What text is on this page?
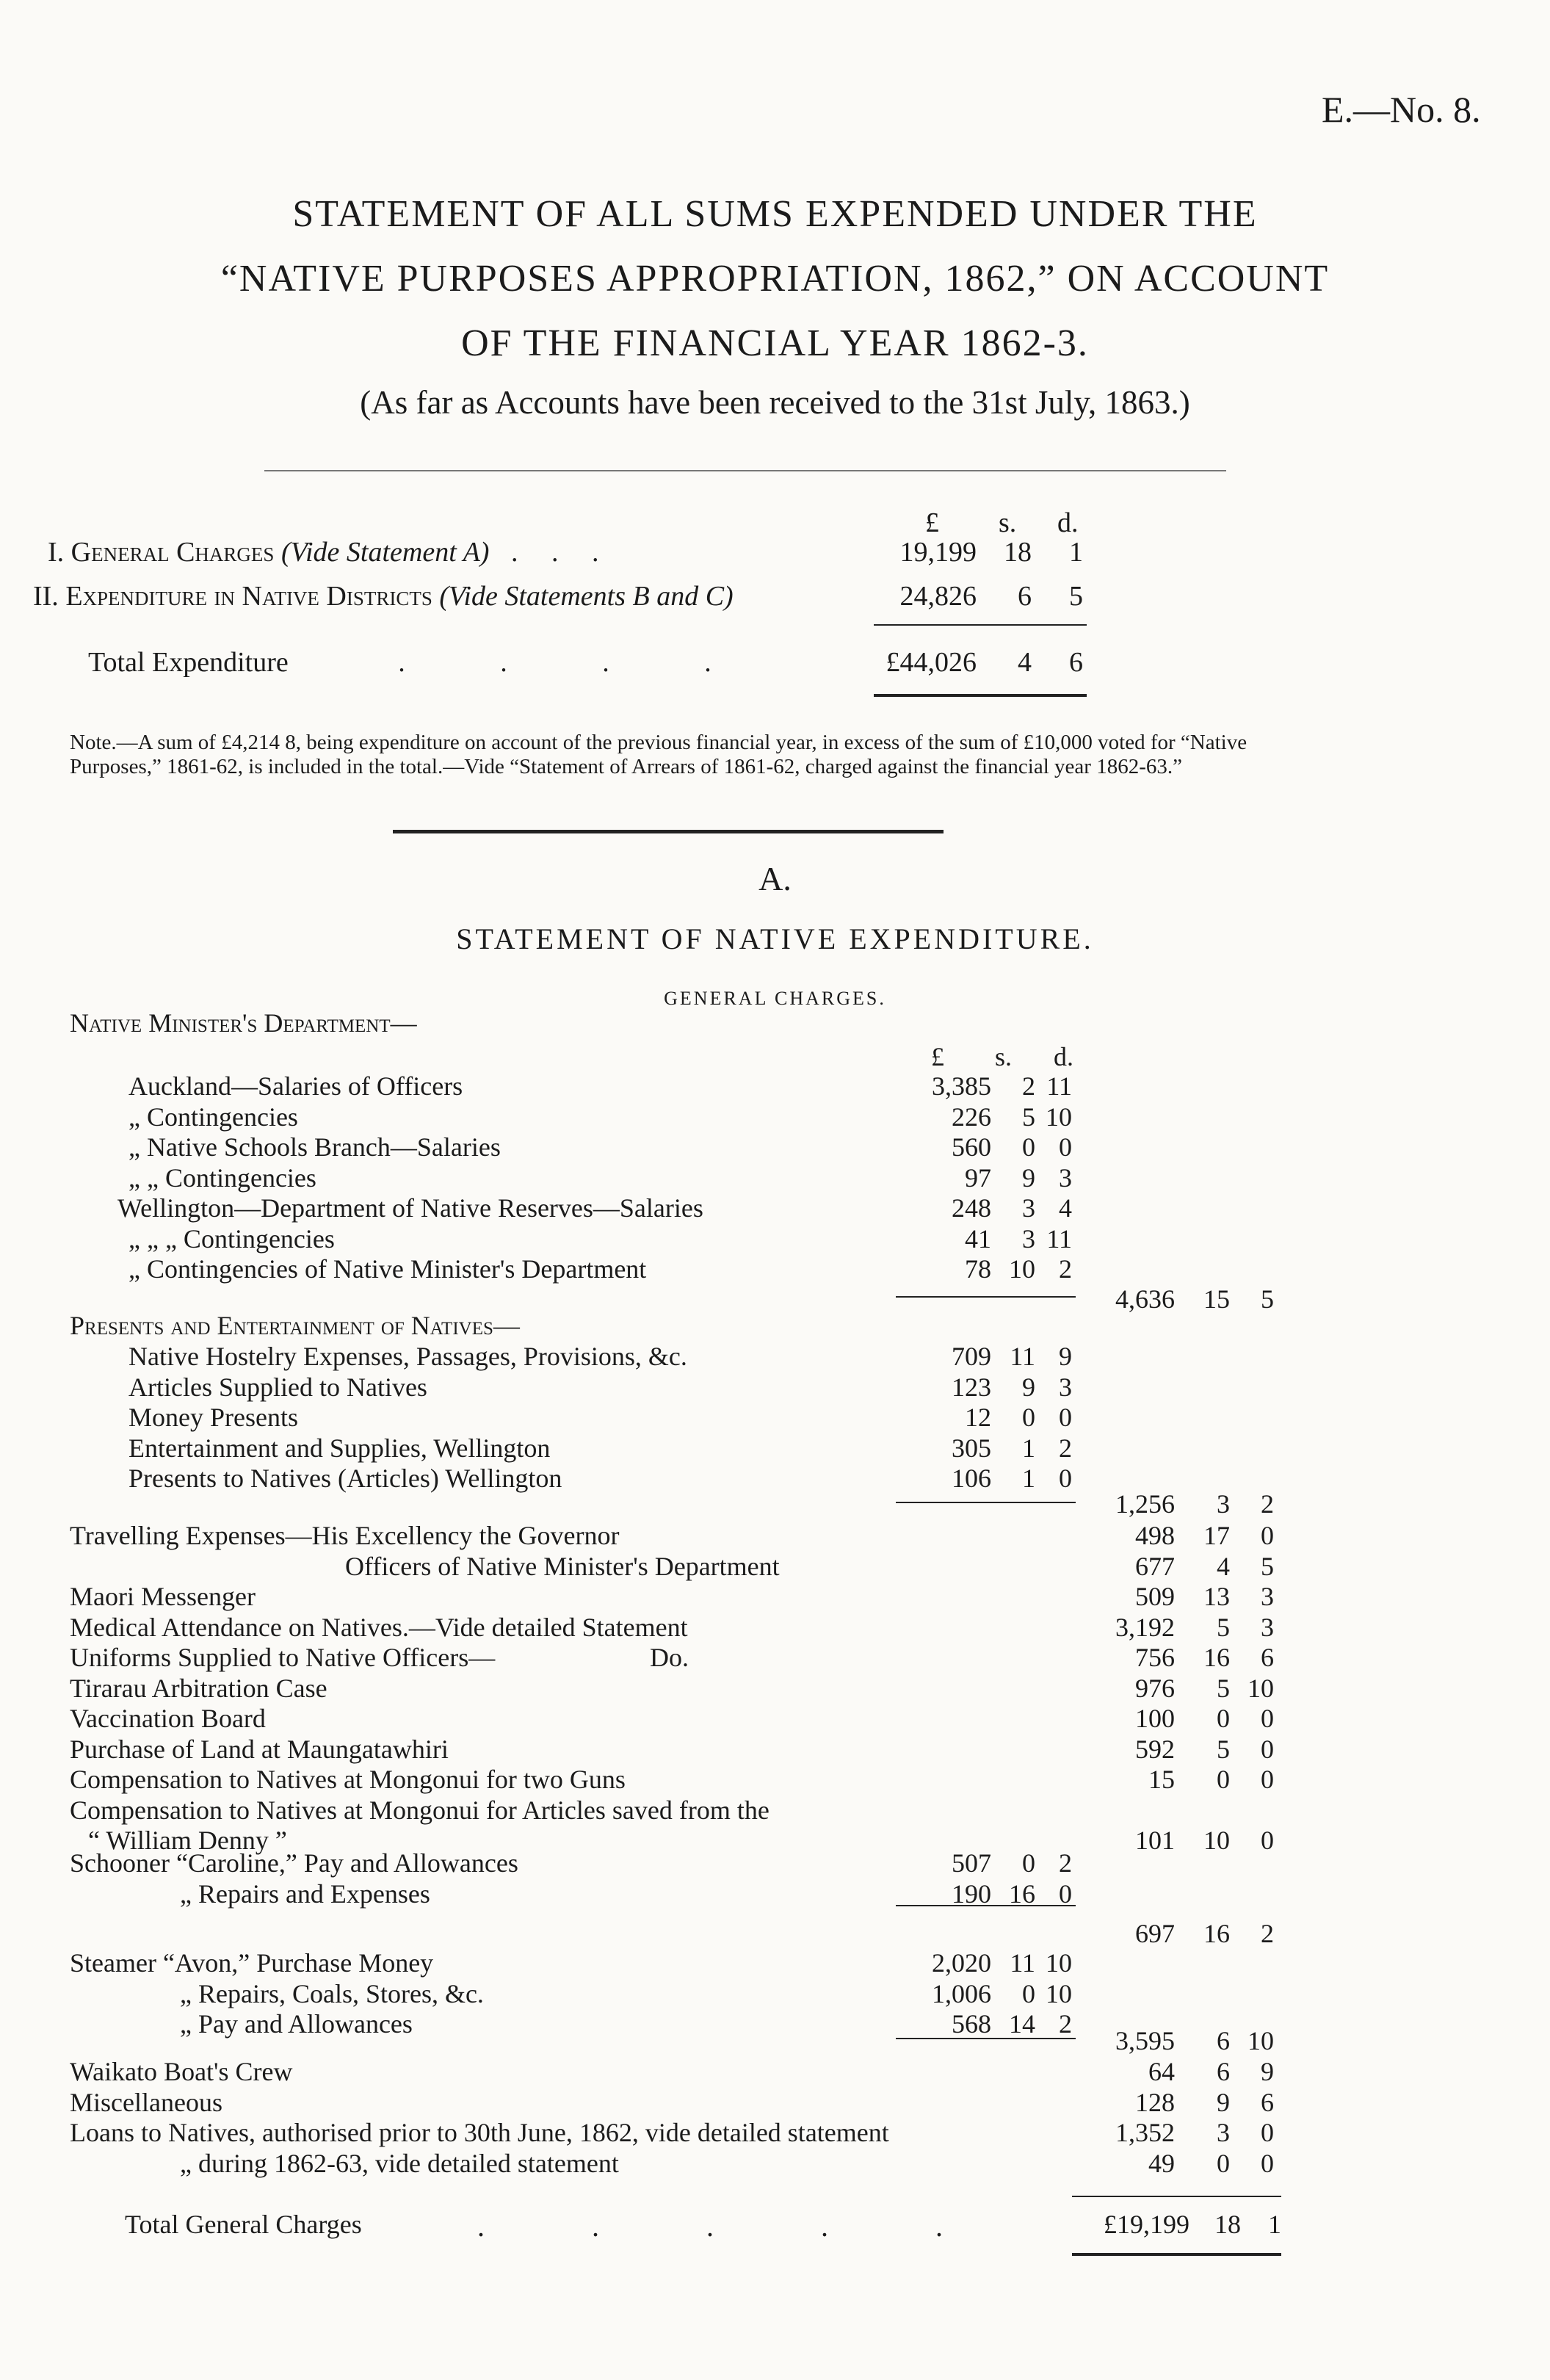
E.—No. 8.
STATEMENT OF ALL SUMS EXPENDED UNDER THE
“NATIVE PURPOSES APPROPRIATION, 1862,” ON ACCOUNT
OF THE FINANCIAL YEAR 1862-3.
(As far as Accounts have been received to the 31st July, 1863.)
£ s. d.
I. General Charges (Vide Statement A) . . .	19,199 18	1
II. Expenditure in Native Districts (Vide Statements B and C)	24,826	6	5
Total Expenditure	. . . .	£44,026	4	6
Note.—A sum of £4,214 8, being expenditure on account of the previous financial year, in excess of the sum of £10,000 voted for “Native Purposes,” 1861-62, is included in the total.—Vide “Statement of Arrears of 1861-62, charged against the financial year 1862-63.”
A.
STATEMENT OF NATIVE EXPENDITURE.
GENERAL CHARGES.
Native Minister's Department—
£ s. d.
Auckland—Salaries of Officers	3,385	2 11
„ Contingencies	226	5 10
„ Native Schools Branch—Salaries	560	0 0
„ „ Contingencies	97	9 3
Wellington—Department of Native Reserves—Salaries	248	3 4
„ „ „ Contingencies	41	3 11
„ Contingencies of Native Minister's Department	78 10 2
4,636	15	5
Presents and Entertainment of Natives—
Native Hostelry Expenses, Passages, Provisions, &c.	709 11 9
Articles Supplied to Natives	123	9 3
Money Presents	12	0 0
Entertainment and Supplies, Wellington	305	1 2
Presents to Natives (Articles) Wellington	106	1 0
1,256	3	2
Travelling Expenses—His Excellency the Governor	498	17	0
Officers of Native Minister's Department	677	4	5
Maori Messenger	509	13	3
Medical Attendance on Natives.—Vide detailed Statement	3,192	5	3
Uniforms Supplied to Native Officers—	Do.	756	16	6
Tirarau Arbitration Case	976	5 10
Vaccination Board	100	0	0
Purchase of Land at Maungatawhiri	592	5	0
Compensation to Natives at Mongonui for two Guns	15	0	0
Compensation to Natives at Mongonui for Articles saved from the
“ William Denny ”	101	10	0
Schooner “Caroline,” Pay and Allowances	507	0 2
„ Repairs and Expenses	190 16 0
697	16	2
Steamer “Avon,” Purchase Money	2,020 11 10
„ Repairs, Coals, Stores, &c.	1,006	0 10
„ Pay and Allowances	568 14 2
3,595	6 10
Waikato Boat's Crew	64	6	9
Miscellaneous	128	9	6
Loans to Natives, authorised prior to 30th June, 1862, vide detailed statement	1,352	3	0
„ during 1862-63, vide detailed statement	49	0	0
Total General Charges	. . . . .	£19,199 18	1
